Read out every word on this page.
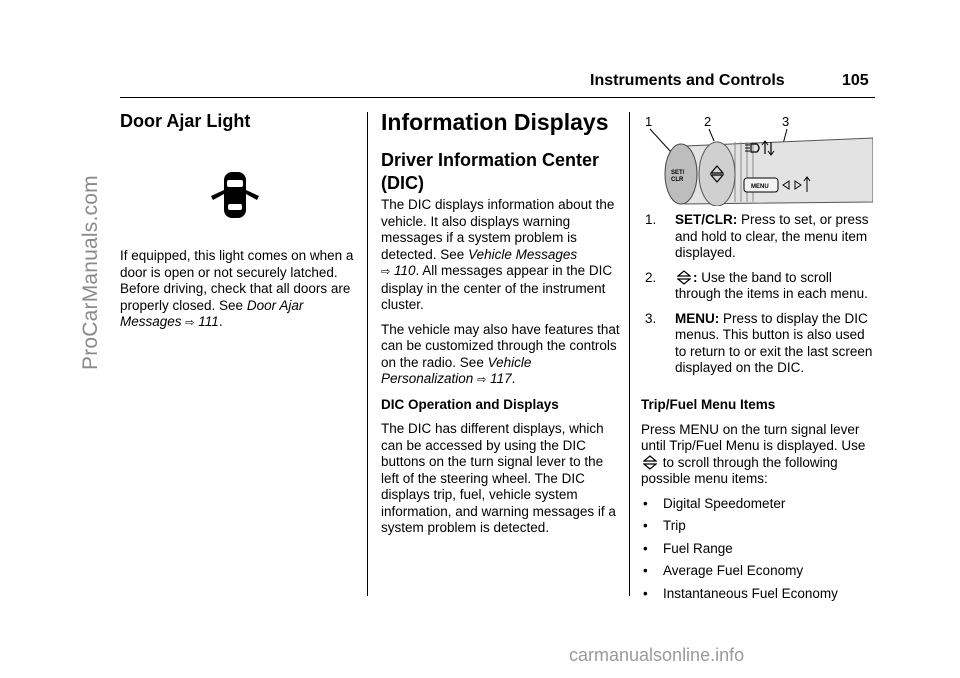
Instruments and Controls	105
ProCarManuals.com
carmanualsonline.info
Door Ajar Light

If equipped, this light comes on when a door is open or not securely latched. Before driving, check that all doors are properly closed. See Door Ajar Messages ⇨ 111.

Information Displays
Driver Information Center (DIC)

The DIC displays information about the vehicle. It also displays warning messages if a system problem is detected. See Vehicle Messages
⇨ 110. All messages appear in the DIC display in the center of the instrument cluster.

The vehicle may also have features that can be customized through the controls on the radio. See Vehicle Personalization ⇨ 117.

DIC Operation and Displays

The DIC has different displays, which can be accessed by using the DIC buttons on the turn signal lever to the left of the steering wheel. The DIC displays trip, fuel, vehicle system information, and warning messages if a system problem is detected.

1	2	3
SET/
CLR
MENU
1. SET/CLR: Press to set, or press and hold to clear, the menu item displayed.
2.	: Use the band to scroll through the items in each menu.
3. MENU: Press to display the DIC menus. This button is also used to return to or exit the last screen displayed on the DIC.

Trip/Fuel Menu Items

Press MENU on the turn signal lever until Trip/Fuel Menu is displayed. Use  to scroll through the following possible menu items:

• Digital Speedometer
• Trip
• Fuel Range
• Average Fuel Economy
• Instantaneous Fuel Economy
